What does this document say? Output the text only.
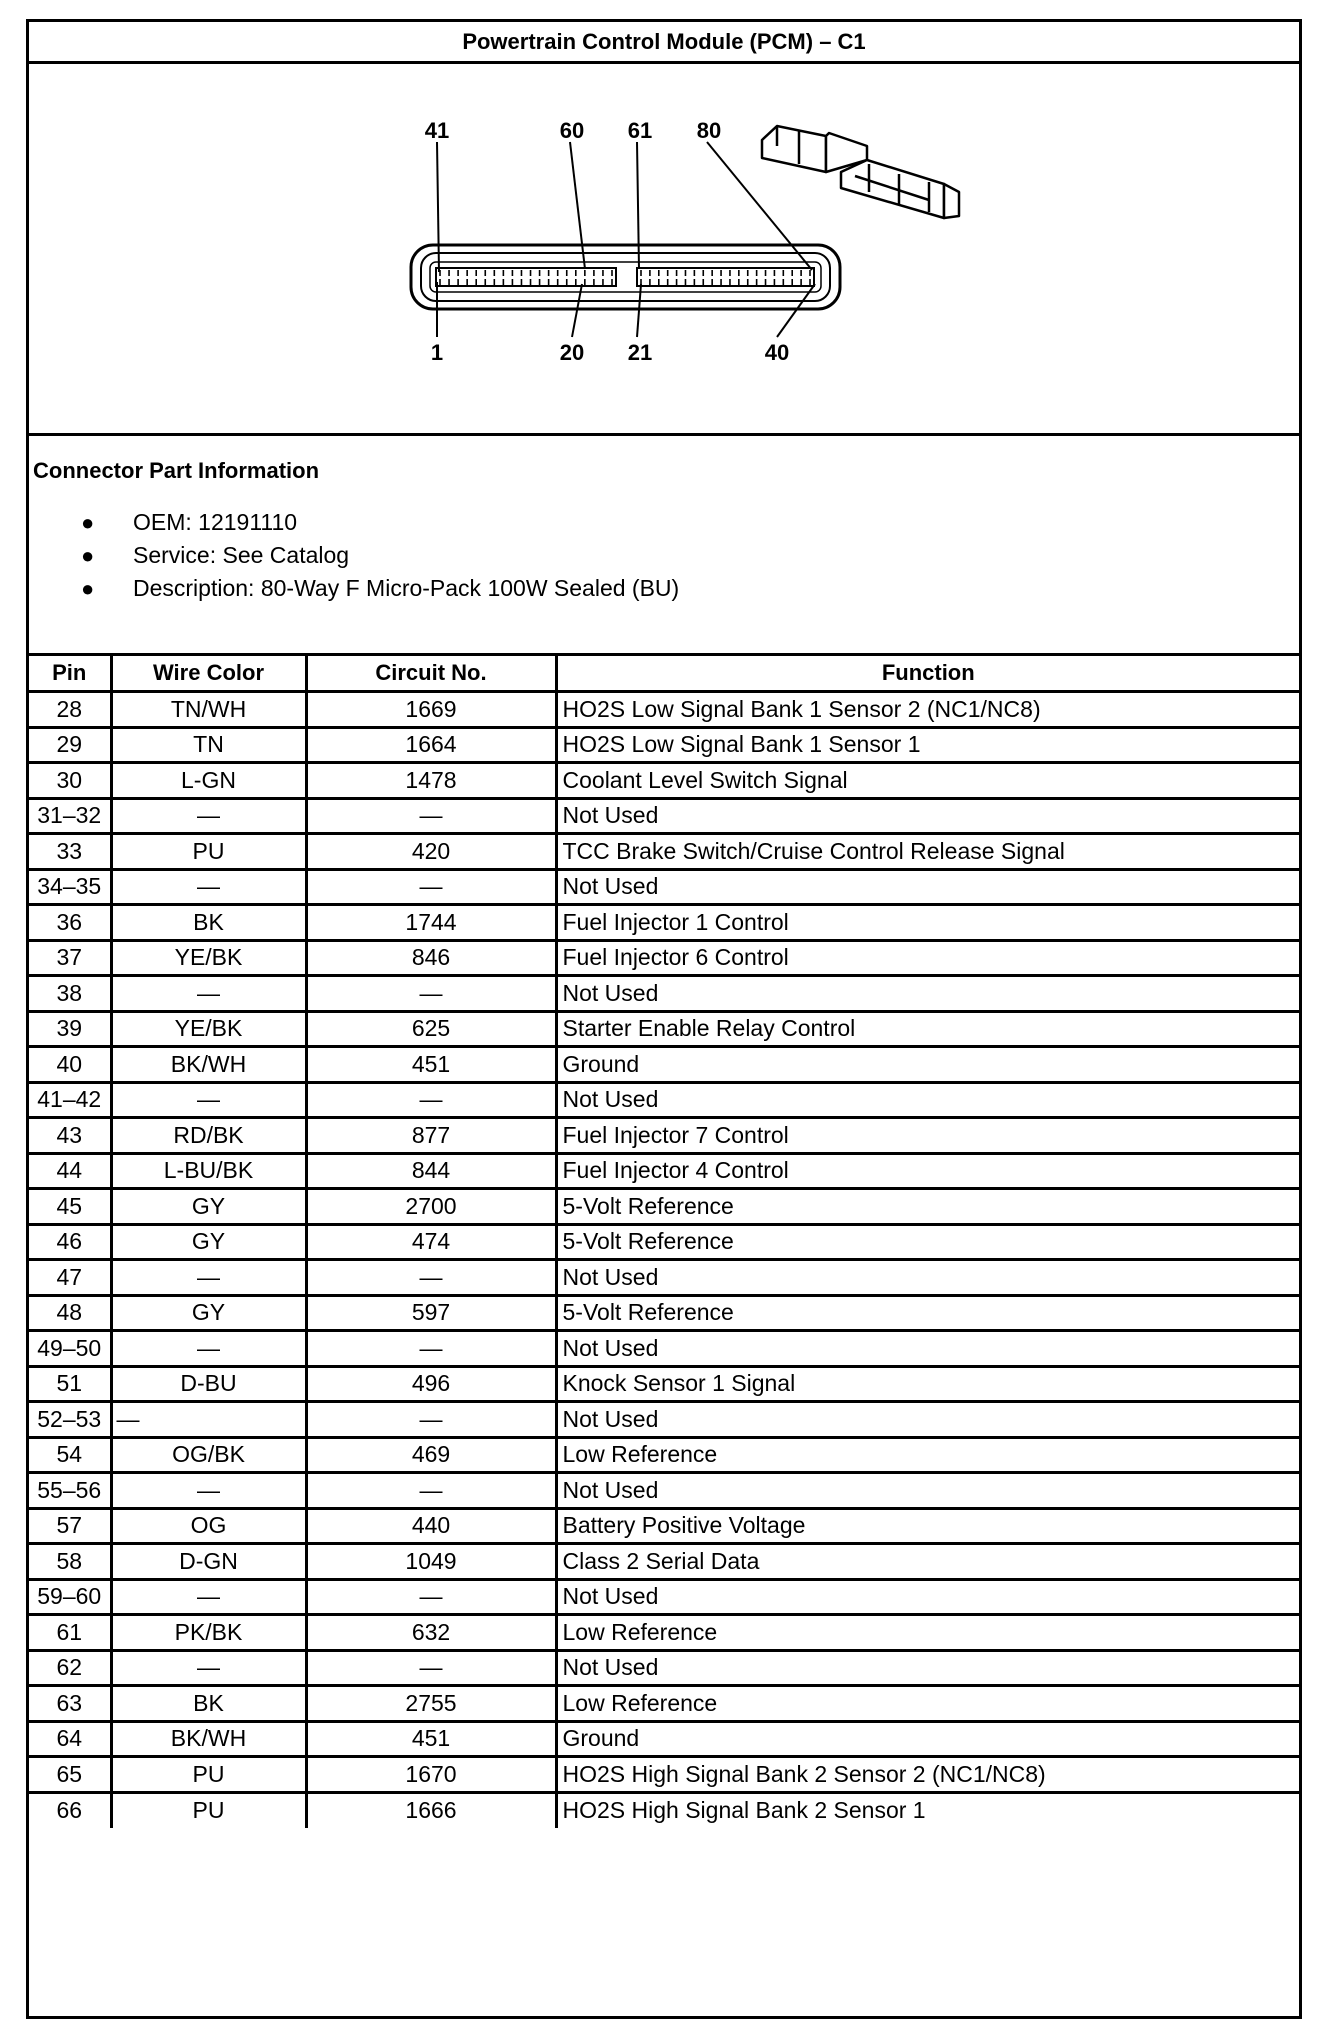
Powertrain Control Module (PCM) – C1
41	60 61 80
1	20 21	40
Connector Part Information
● OEM: 12191110
● Service: See Catalog
● Description: 80-Way F Micro-Pack 100W Sealed (BU)
Pin	Wire Color	Circuit No.	Function
28	TN/WH	1669	HO2S Low Signal Bank 1 Sensor 2 (NC1/NC8)
29	TN	1664	HO2S Low Signal Bank 1 Sensor 1
30	L-GN	1478	Coolant Level Switch Signal
31–32	—	—	Not Used
33	PU	420	TCC Brake Switch/Cruise Control Release Signal
34–35	—	—	Not Used
36	BK	1744	Fuel Injector 1 Control
37	YE/BK	846	Fuel Injector 6 Control
38	—	—	Not Used
39	YE/BK	625	Starter Enable Relay Control
40	BK/WH	451	Ground
41–42	—	—	Not Used
43	RD/BK	877	Fuel Injector 7 Control
44	L-BU/BK	844	Fuel Injector 4 Control
45	GY	2700	5-Volt Reference
46	GY	474	5-Volt Reference
47	—	—	Not Used
48	GY	597	5-Volt Reference
49–50	—	—	Not Used
51	D-BU	496	Knock Sensor 1 Signal
52–53	—	—	Not Used
54	OG/BK	469	Low Reference
55–56	—	—	Not Used
57	OG	440	Battery Positive Voltage
58	D-GN	1049	Class 2 Serial Data
59–60	—	—	Not Used
61	PK/BK	632	Low Reference
62	—	—	Not Used
63	BK	2755	Low Reference
64	BK/WH	451	Ground
65	PU	1670	HO2S High Signal Bank 2 Sensor 2 (NC1/NC8)
66	PU	1666	HO2S High Signal Bank 2 Sensor 1
